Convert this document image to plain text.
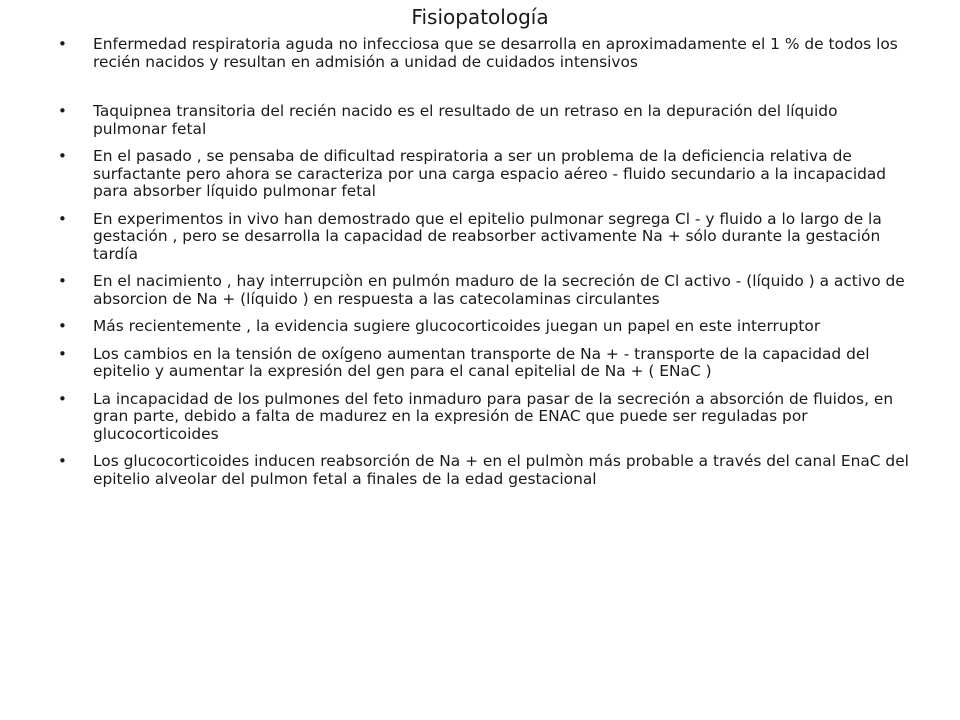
Fisiopatología
• Enfermedad respiratoria aguda no infecciosa que se desarrolla en aproximadamente el 1 % de todos los recién nacidos y resultan en admisión a unidad de cuidados intensivos
• Taquipnea transitoria del recién nacido es el resultado de un retraso en la depuración del líquido pulmonar fetal
• En el pasado , se pensaba de dificultad respiratoria a ser un problema de la deficiencia relativa de surfactante pero ahora se caracteriza por una carga espacio aéreo - fluido secundario a la incapacidad para absorber líquido pulmonar fetal
• En experimentos in vivo han demostrado que el epitelio pulmonar segrega Cl - y fluido a lo largo de la gestación , pero se desarrolla la capacidad de reabsorber activamente Na + sólo durante la gestación tardía
• En el nacimiento , hay interrupciòn en pulmón maduro de la secreción de Cl activo - (líquido ) a activo de absorcion de Na + (líquido ) en respuesta a las catecolaminas circulantes
• Más recientemente , la evidencia sugiere glucocorticoides juegan un papel en este interruptor
• Los cambios en la tensión de oxígeno aumentan transporte de Na + - transporte de la capacidad del epitelio y aumentar la expresión del gen para el canal epitelial de Na + ( ENaC )
• La incapacidad de los pulmones del feto inmaduro para pasar de la secreción a absorción de fluidos, en gran parte, debido a falta de madurez en la expresión de ENAC que puede ser reguladas por glucocorticoides
• Los glucocorticoides inducen reabsorción de Na + en el pulmòn más probable a través del canal EnaC del epitelio alveolar del pulmon fetal a finales de la edad gestacional
